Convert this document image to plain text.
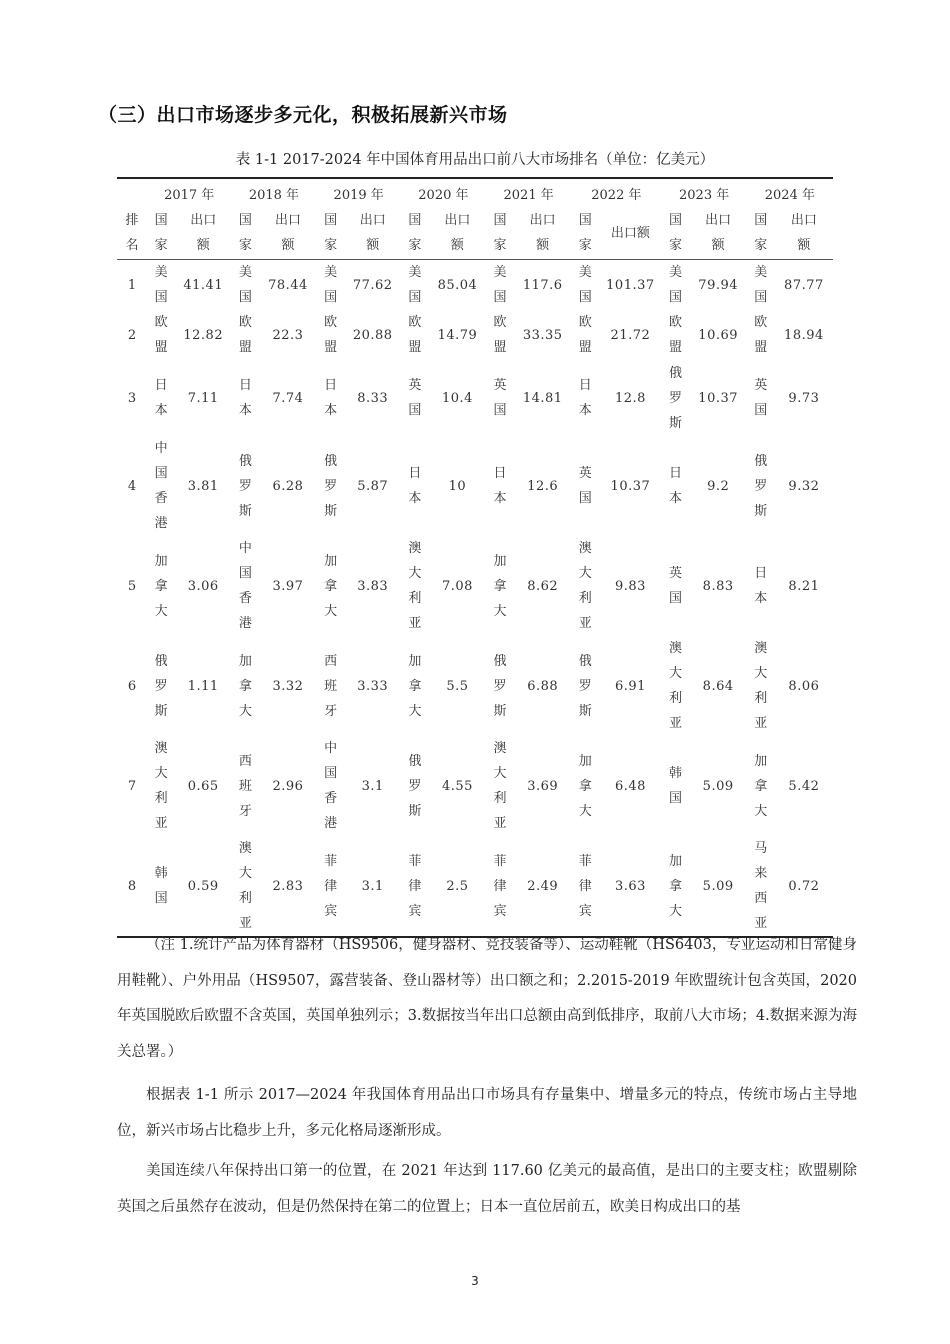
（三）出口市场逐步多元化，积极拓展新兴市场
表 1-1 2017-2024 年中国体育用品出口前八大市场排名（单位：亿美元）
	2017 年		2018 年		2019 年		2020 年		2021 年		2022 年		2023 年		2024 年	
排名	国家	出口额	国家	出口额	国家	出口额	国家	出口额	国家	出口额	国家	出口额	国家	出口额	国家	出口额
1	美国	41.41	美国	78.44	美国	77.62	美国	85.04	美国	117.6	美国	101.37	美国	79.94	美国	87.77
2	欧盟	12.82	欧盟	22.3	欧盟	20.88	欧盟	14.79	欧盟	33.35	欧盟	21.72	欧盟	10.69	欧盟	18.94
3	日本	7.11	日本	7.74	日本	8.33	英国	10.4	英国	14.81	日本	12.8	俄罗斯	10.37	英国	9.73
4	中国香港	3.81	俄罗斯	6.28	俄罗斯	5.87	日本	10	日本	12.6	英国	10.37	日本	9.2	俄罗斯	9.32
5	加拿大	3.06	中国香港	3.97	加拿大	3.83	澳大利亚	7.08	加拿大	8.62	澳大利亚	9.83	英国	8.83	日本	8.21
6	俄罗斯	1.11	加拿大	3.32	西班牙	3.33	加拿大	5.5	俄罗斯	6.88	俄罗斯	6.91	澳大利亚	8.64	澳大利亚	8.06
7	澳大利亚	0.65	西班牙	2.96	中国香港	3.1	俄罗斯	4.55	澳大利亚	3.69	加拿大	6.48	韩国	5.09	加拿大	5.42
8	韩国	0.59	澳大利亚	2.83	菲律宾	3.1	菲律宾	2.5	菲律宾	2.49	菲律宾	3.63	加拿大	5.09	马来西亚	0.72

（注 1.统计产品为体育器材（HS9506，健身器材、竞技装备等）、运动鞋靴（HS6403，专业运动和日常健身用鞋靴）、户外用品（HS9507，露营装备、登山器材等）出口额之和；2.2015-2019 年欧盟统计包含英国，2020 年英国脱欧后欧盟不含英国，英国单独列示；3.数据按当年出口总额由高到低排序，取前八大市场；4.数据来源为海关总署。）

根据表 1-1 所示 2017—2024 年我国体育用品出口市场具有存量集中、增量多元的特点，传统市场占主导地位，新兴市场占比稳步上升，多元化格局逐渐形成。

美国连续八年保持出口第一的位置，在 2021 年达到 117.60 亿美元的最高值，是出口的主要支柱；欧盟剔除英国之后虽然存在波动，但是仍然保持在第二的位置上；日本一直位居前五，欧美日构成出口的基

3
